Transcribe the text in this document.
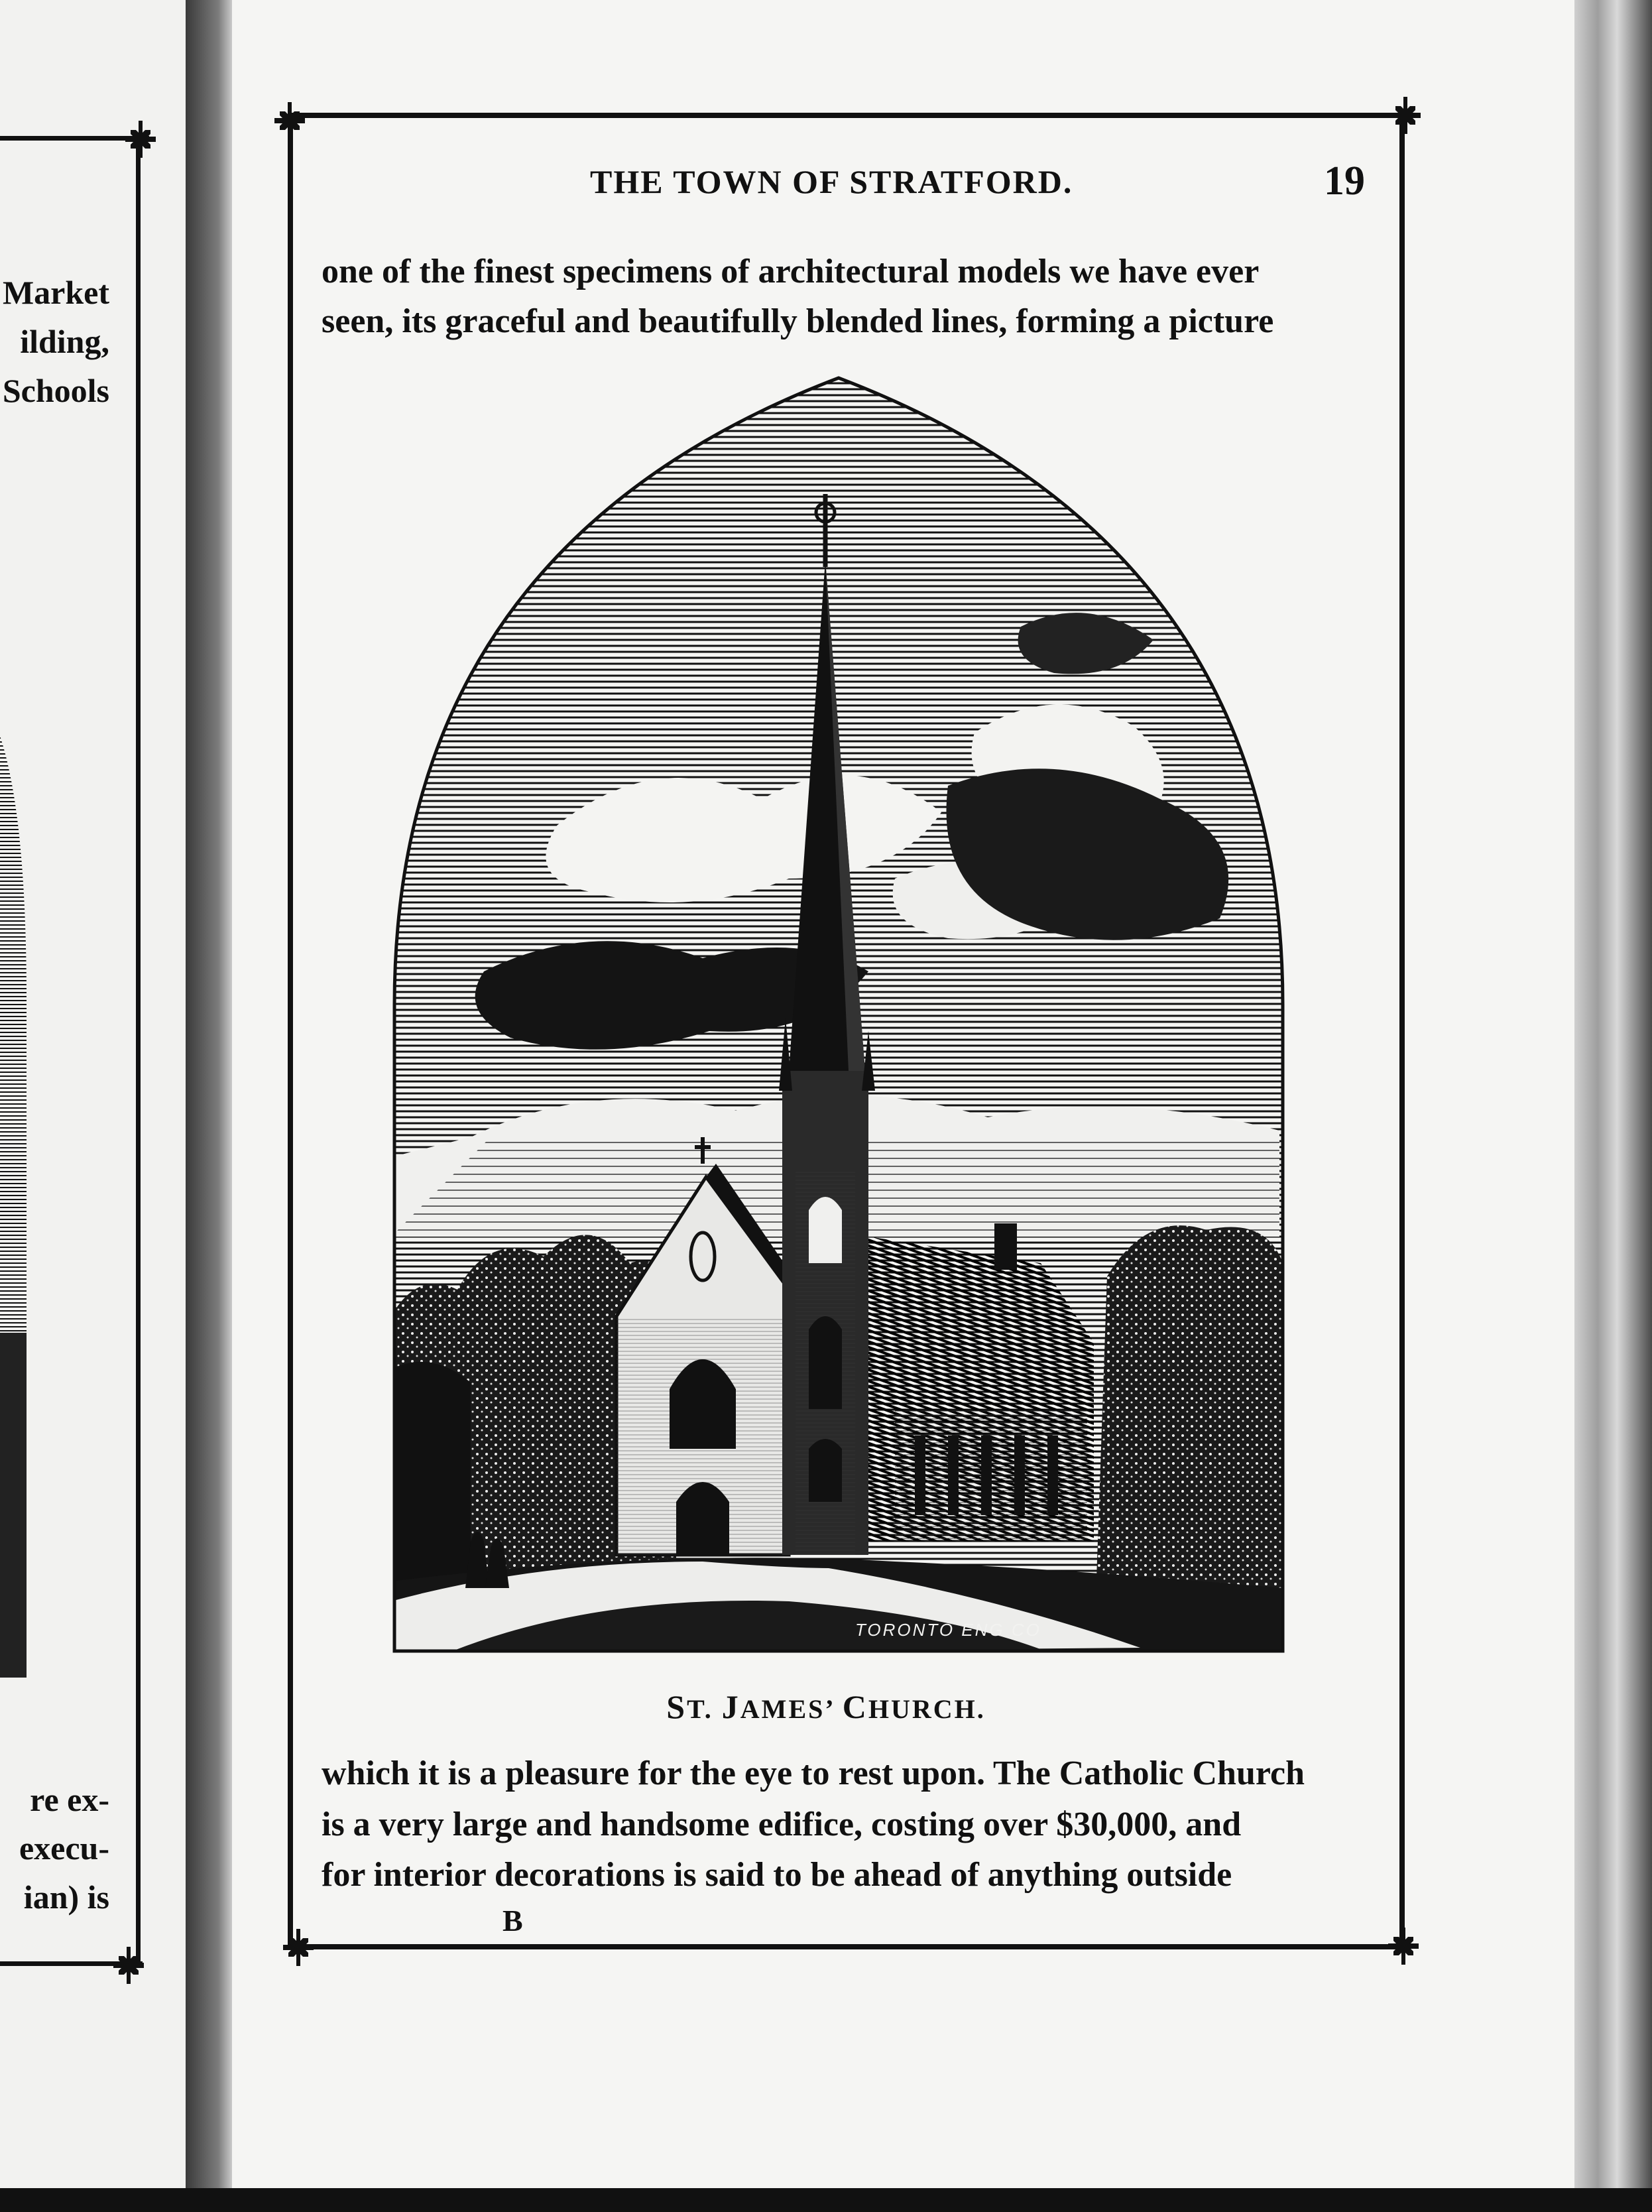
Market
ilding,
Schools
re ex-
execu-
ian) is
THE TOWN OF STRATFORD.	19
one of the finest specimens of architectural models we have ever
seen, its graceful and beautifully blended lines, forming a picture
TORONTO ENG CO
ST. JAMES’ CHURCH.
which it is a pleasure for the eye to rest upon. The Catholic Church
is a very large and handsome edifice, costing over $30,000, and
for interior decorations is said to be ahead of anything outside
B
